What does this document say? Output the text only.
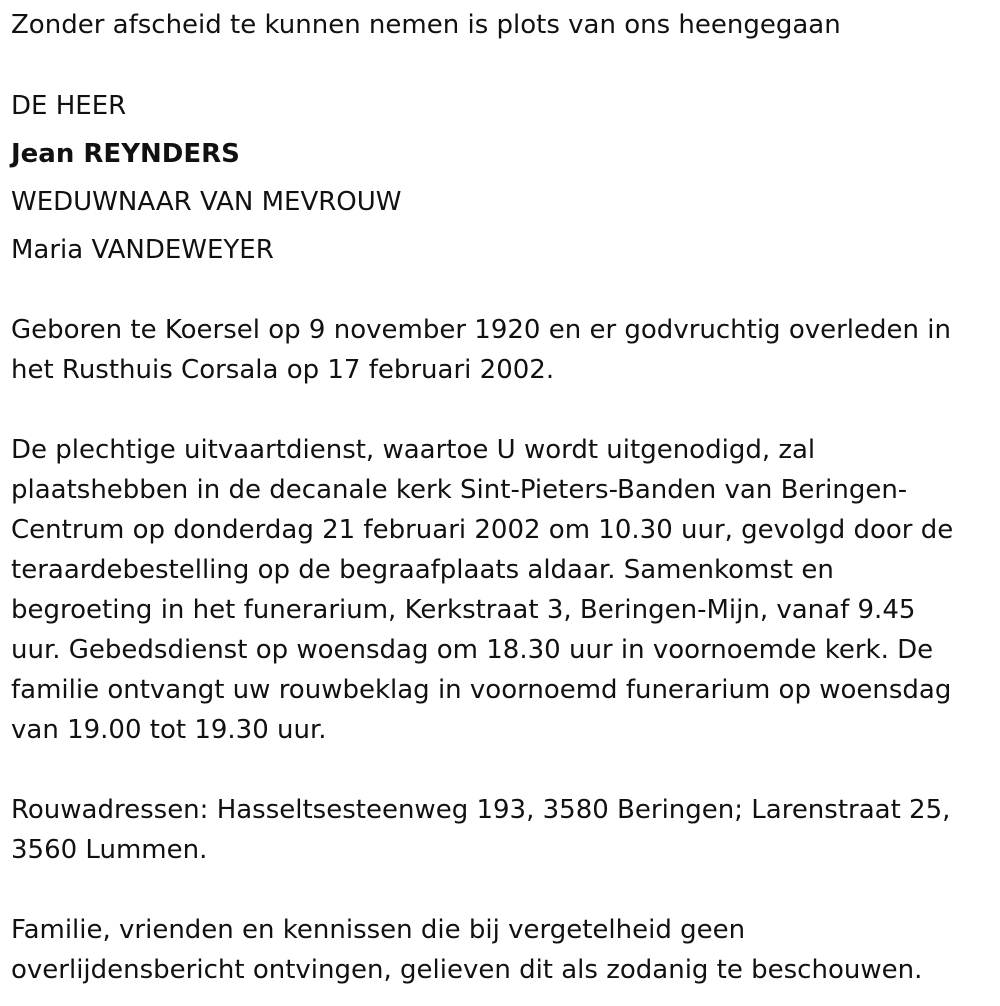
Zonder afscheid te kunnen nemen is plots van ons heengegaan

DE HEER

Jean REYNDERS

WEDUWNAAR VAN MEVROUW

Maria VANDEWEYER

Geboren te Koersel op 9 november 1920 en er godvruchtig overleden in
het Rusthuis Corsala op 17 februari 2002.
De plechtige uitvaartdienst, waartoe U wordt uitgenodigd, zal
plaatshebben in de decanale kerk Sint-Pieters-Banden van Beringen-
Centrum op donderdag 21 februari 2002 om 10.30 uur, gevolgd door de
teraardebestelling op de begraafplaats aldaar. Samenkomst en
begroeting in het funerarium, Kerkstraat 3, Beringen-Mijn, vanaf 9.45
uur. Gebedsdienst op woensdag om 18.30 uur in voornoemde kerk. De
familie ontvangt uw rouwbeklag in voornoemd funerarium op woensdag
van 19.00 tot 19.30 uur.
Rouwadressen: Hasseltsesteenweg 193, 3580 Beringen; Larenstraat 25,
3560 Lummen.
Familie, vrienden en kennissen die bij vergetelheid geen
overlijdensbericht ontvingen, gelieven dit als zodanig te beschouwen.
